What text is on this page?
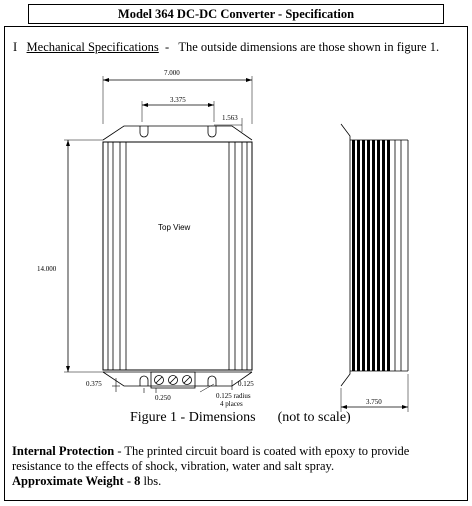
Model 364 DC-DC Converter - Specification
I Mechanical Specifications  -   The outside dimensions are those shown in figure 1.
7.000
3.375
1.563
14.000
Top View
0.375	0.125
0.250	0.125 radius
4 places	3.750
Figure 1 - Dimensions (not to scale)
Internal Protection - The printed circuit board is coated with epoxy to provide resistance to the effects of shock, vibration, water and salt spray.
Approximate Weight - 8 lbs.
